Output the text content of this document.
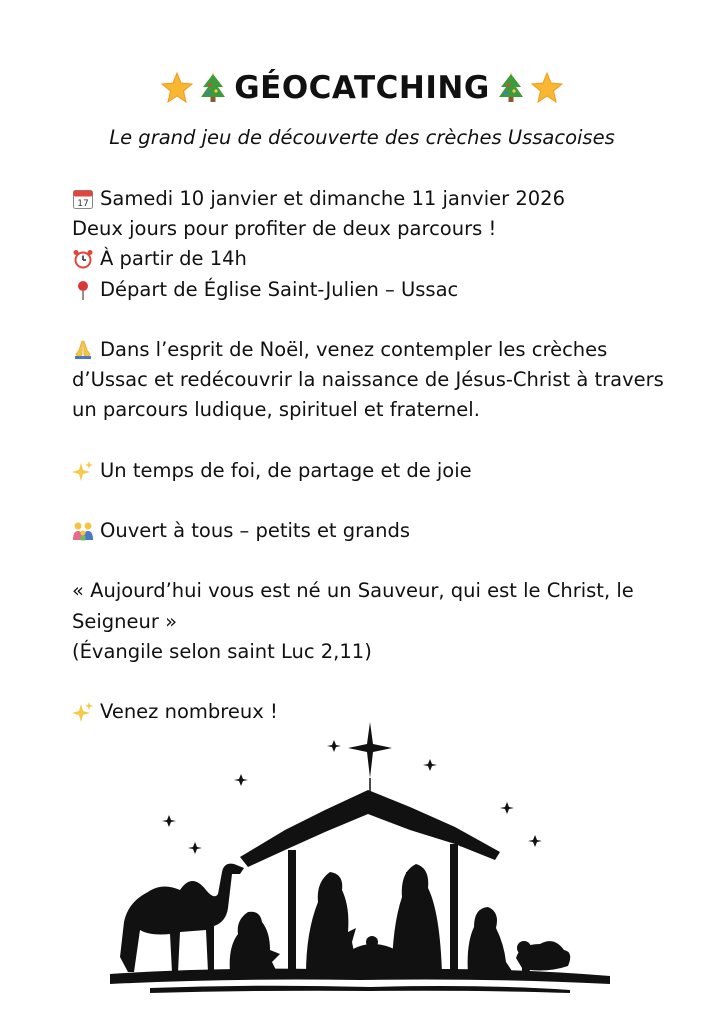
GÉOCATCHING
Le grand jeu de découverte des crèches Ussacoises
17 Samedi 10 janvier et dimanche 11 janvier 2026
Deux jours pour profiter de deux parcours !
À partir de 14h
Départ de Église Saint-Julien – Ussac
Dans l’esprit de Noël, venez contempler les crèches d’Ussac et redécouvrir la naissance de Jésus-Christ à travers un parcours ludique, spirituel et fraternel.
Un temps de foi, de partage et de joie
Ouvert à tous – petits et grands
« Aujourd’hui vous est né un Sauveur, qui est le Christ, le Seigneur »
(Évangile selon saint Luc 2,11)
Venez nombreux !
